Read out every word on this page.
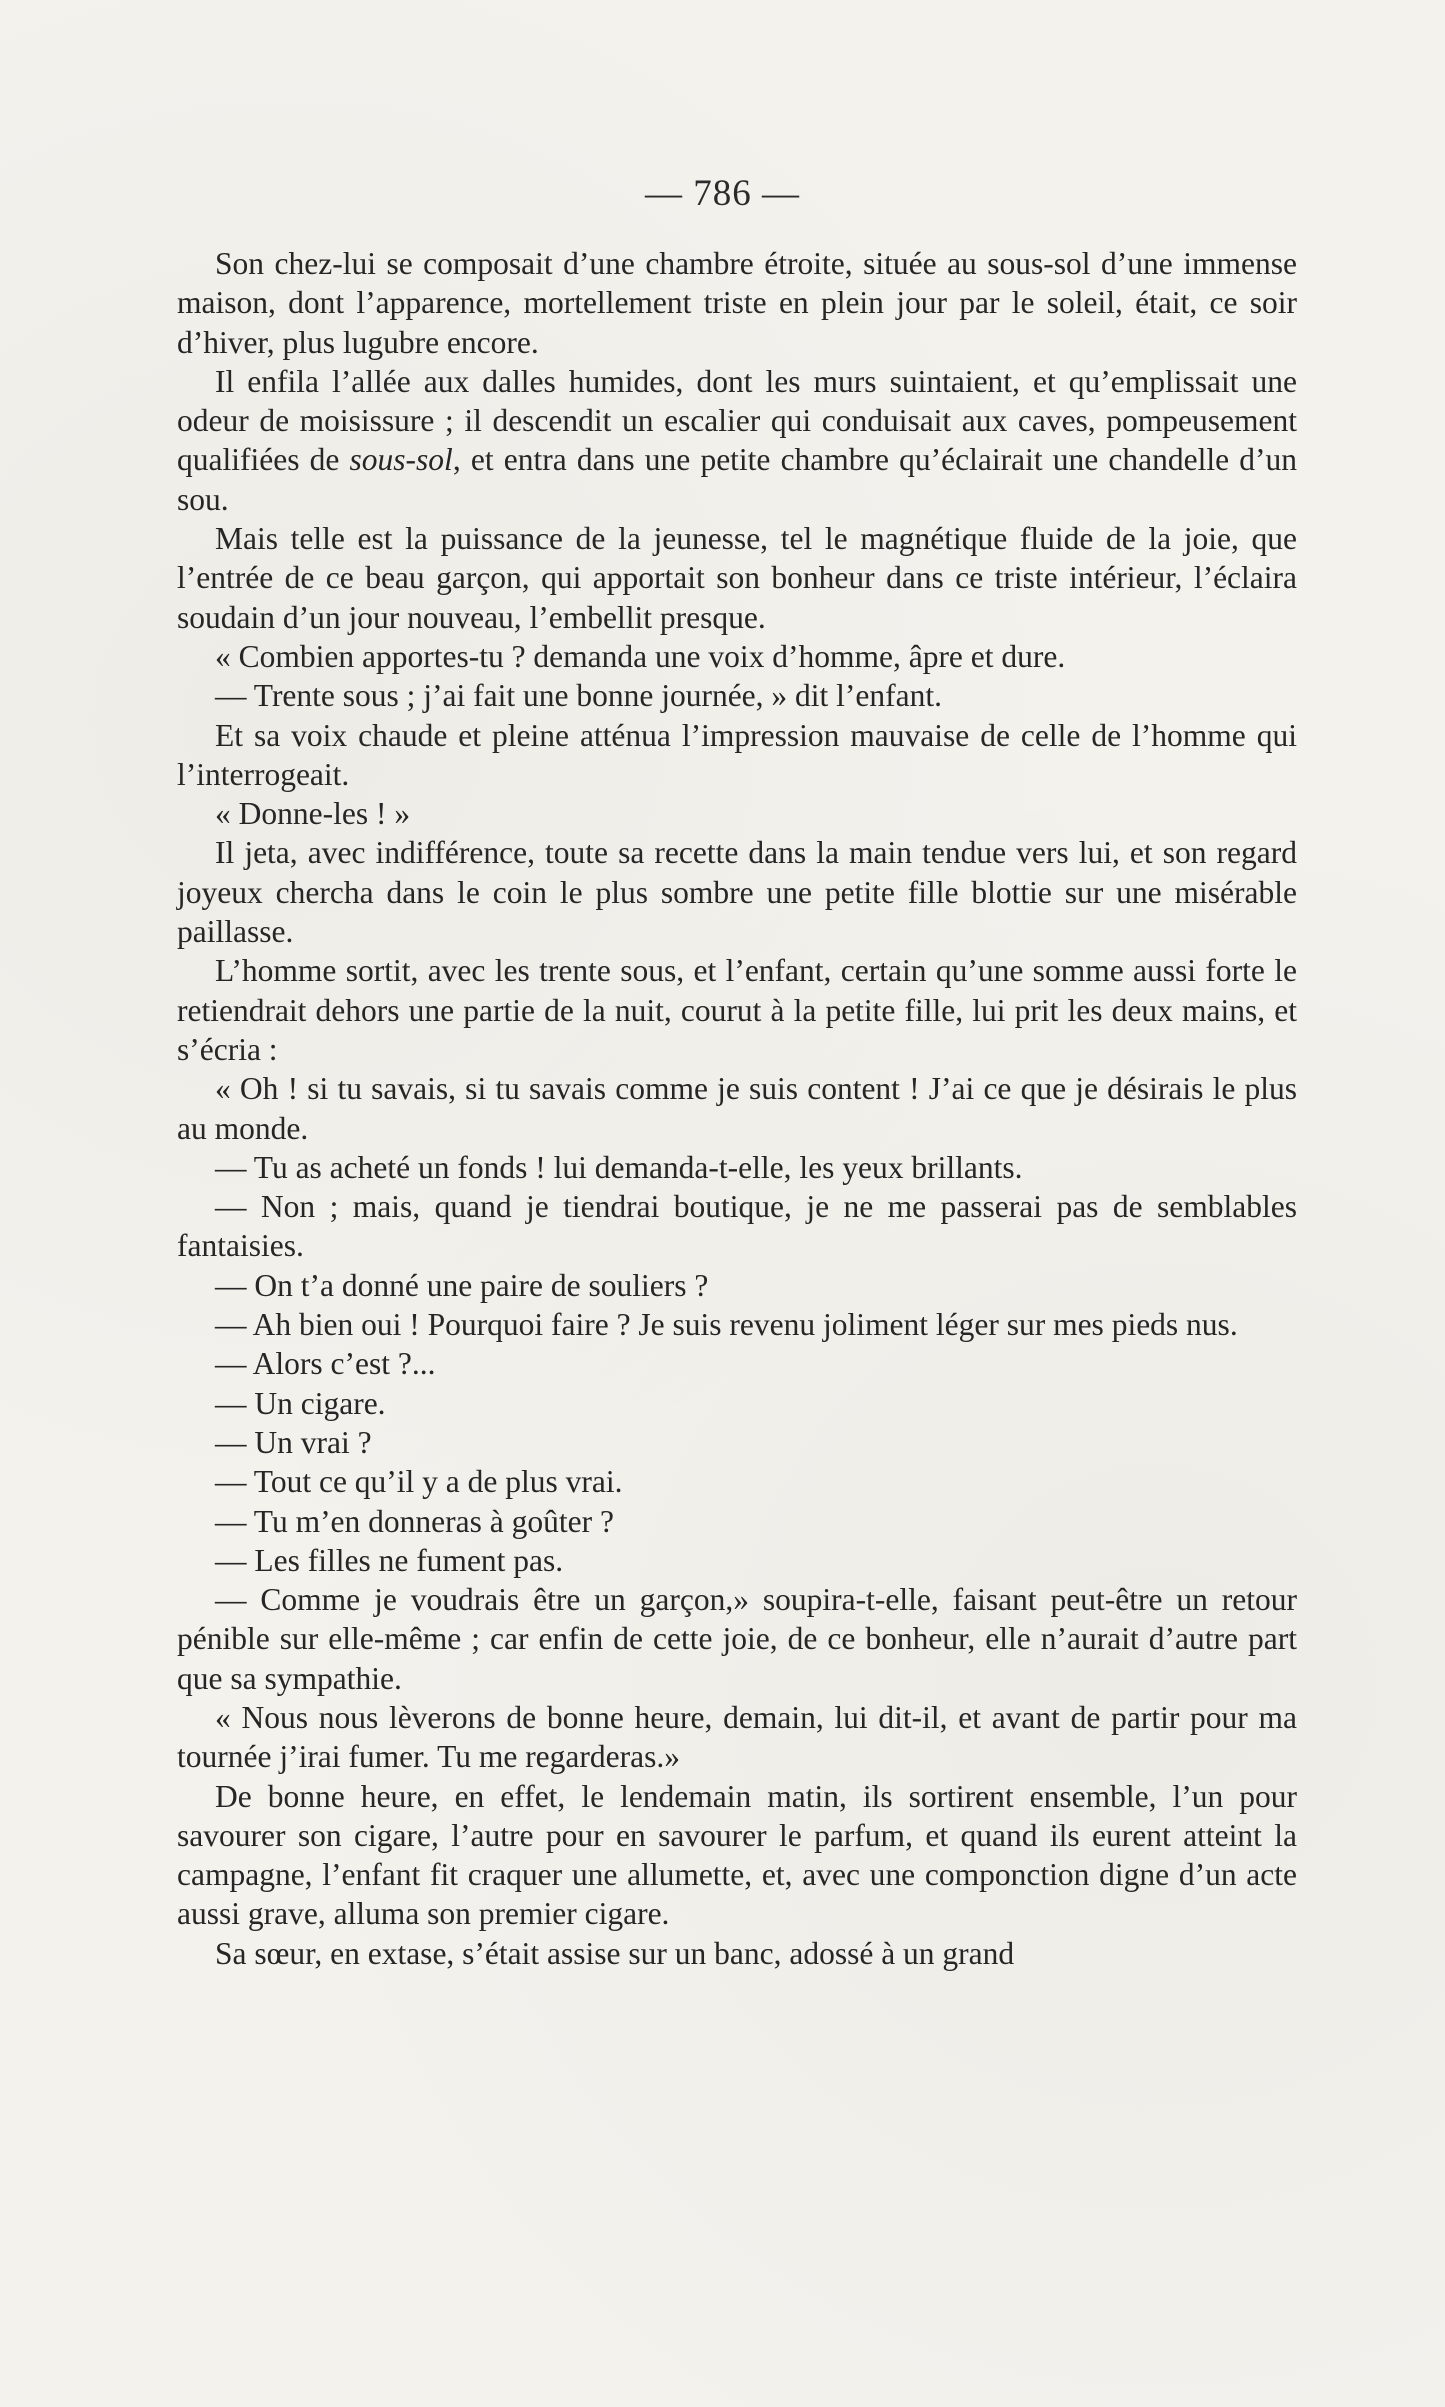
— 786 —

Son chez-lui se composait d’une chambre étroite, située au sous-sol d’une immense maison, dont l’apparence, mortellement triste en plein jour par le soleil, était, ce soir d’hiver, plus lugubre encore.

Il enfila l’allée aux dalles humides, dont les murs suintaient, et qu’emplissait une odeur de moisissure ; il descendit un escalier qui conduisait aux caves, pompeusement qualifiées de sous-sol, et entra dans une petite chambre qu’éclairait une chandelle d’un sou.

Mais telle est la puissance de la jeunesse, tel le magnétique fluide de la joie, que l’entrée de ce beau garçon, qui apportait son bonheur dans ce triste intérieur, l’éclaira soudain d’un jour nouveau, l’embellit presque.

« Combien apportes-tu ? demanda une voix d’homme, âpre et dure.

— Trente sous ; j’ai fait une bonne journée, » dit l’enfant.

Et sa voix chaude et pleine atténua l’impression mauvaise de celle de l’homme qui l’interrogeait.

« Donne-les ! »

Il jeta, avec indifférence, toute sa recette dans la main tendue vers lui, et son regard joyeux chercha dans le coin le plus sombre une petite fille blottie sur une misérable paillasse.

L’homme sortit, avec les trente sous, et l’enfant, certain qu’une somme aussi forte le retiendrait dehors une partie de la nuit, courut à la petite fille, lui prit les deux mains, et s’écria :

« Oh ! si tu savais, si tu savais comme je suis content ! J’ai ce que je désirais le plus au monde.

— Tu as acheté un fonds ! lui demanda-t-elle, les yeux brillants.

— Non ; mais, quand je tiendrai boutique, je ne me passerai pas de semblables fantaisies.

— On t’a donné une paire de souliers ?

— Ah bien oui ! Pourquoi faire ? Je suis revenu joliment léger sur mes pieds nus.

— Alors c’est ?...

— Un cigare.

— Un vrai ?

— Tout ce qu’il y a de plus vrai.

— Tu m’en donneras à goûter ?

— Les filles ne fument pas.

— Comme je voudrais être un garçon,» soupira-t-elle, faisant peut-être un retour pénible sur elle-même ; car enfin de cette joie, de ce bonheur, elle n’aurait d’autre part que sa sympathie.

« Nous nous lèverons de bonne heure, demain, lui dit-il, et avant de partir pour ma tournée j’irai fumer. Tu me regarderas.»

De bonne heure, en effet, le lendemain matin, ils sortirent ensemble, l’un pour savourer son cigare, l’autre pour en savourer le parfum, et quand ils eurent atteint la campagne, l’enfant fit craquer une allumette, et, avec une componction digne d’un acte aussi grave, alluma son premier cigare.

Sa sœur, en extase, s’était assise sur un banc, adossé à un grand
